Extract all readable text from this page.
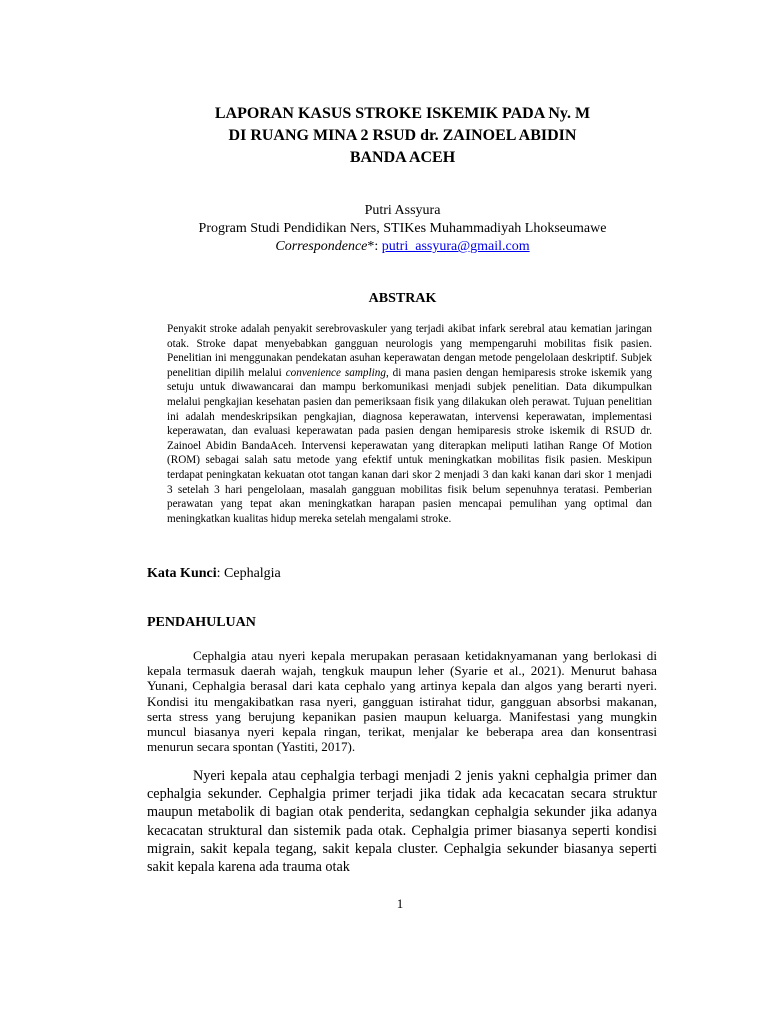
LAPORAN KASUS STROKE ISKEMIK PADA Ny. M
DI RUANG MINA 2 RSUD dr. ZAINOEL ABIDIN
BANDA ACEH
Putri Assyura
Program Studi Pendidikan Ners, STIKes Muhammadiyah Lhokseumawe
Correspondence*: putri_assyura@gmail.com
ABSTRAK
Penyakit stroke adalah penyakit serebrovaskuler yang terjadi akibat infark serebral atau kematian jaringan otak. Stroke dapat menyebabkan gangguan neurologis yang mempengaruhi mobilitas fisik pasien. Penelitian ini menggunakan pendekatan asuhan keperawatan dengan metode pengelolaan deskriptif. Subjek penelitian dipilih melalui convenience sampling, di mana pasien dengan hemiparesis stroke iskemik yang setuju untuk diwawancarai dan mampu berkomunikasi menjadi subjek penelitian. Data dikumpulkan melalui pengkajian kesehatan pasien dan pemeriksaan fisik yang dilakukan oleh perawat. Tujuan penelitian ini adalah mendeskripsikan pengkajian, diagnosa keperawatan, intervensi keperawatan, implementasi keperawatan, dan evaluasi keperawatan pada pasien dengan hemiparesis stroke iskemik di RSUD dr. Zainoel Abidin BandaAceh. Intervensi keperawatan yang diterapkan meliputi latihan Range Of Motion (ROM) sebagai salah satu metode yang efektif untuk meningkatkan mobilitas fisik pasien. Meskipun terdapat peningkatan kekuatan otot tangan kanan dari skor 2 menjadi 3 dan kaki kanan dari skor 1 menjadi 3 setelah 3 hari pengelolaan, masalah gangguan mobilitas fisik belum sepenuhnya teratasi. Pemberian perawatan yang tepat akan meningkatkan harapan pasien mencapai pemulihan yang optimal dan meningkatkan kualitas hidup mereka setelah mengalami stroke.
Kata Kunci: Cephalgia
PENDAHULUAN
Cephalgia atau nyeri kepala merupakan perasaan ketidaknyamanan yang berlokasi di kepala termasuk daerah wajah, tengkuk maupun leher (Syarie et al., 2021). Menurut bahasa Yunani, Cephalgia berasal dari kata cephalo yang artinya kepala dan algos yang berarti nyeri. Kondisi itu mengakibatkan rasa nyeri, gangguan istirahat tidur, gangguan absorbsi makanan, serta stress yang berujung kepanikan pasien maupun keluarga. Manifestasi yang mungkin muncul biasanya nyeri kepala ringan, terikat, menjalar ke beberapa area dan konsentrasi menurun secara spontan (Yastiti, 2017).
Nyeri kepala atau cephalgia terbagi menjadi 2 jenis yakni cephalgia primer dan cephalgia sekunder. Cephalgia primer terjadi jika tidak ada kecacatan secara struktur maupun metabolik di bagian otak penderita, sedangkan cephalgia sekunder jika adanya kecacatan struktural dan sistemik pada otak. Cephalgia primer biasanya seperti kondisi migrain, sakit kepala tegang, sakit kepala cluster. Cephalgia sekunder biasanya seperti sakit kepala karena ada trauma otak
1
